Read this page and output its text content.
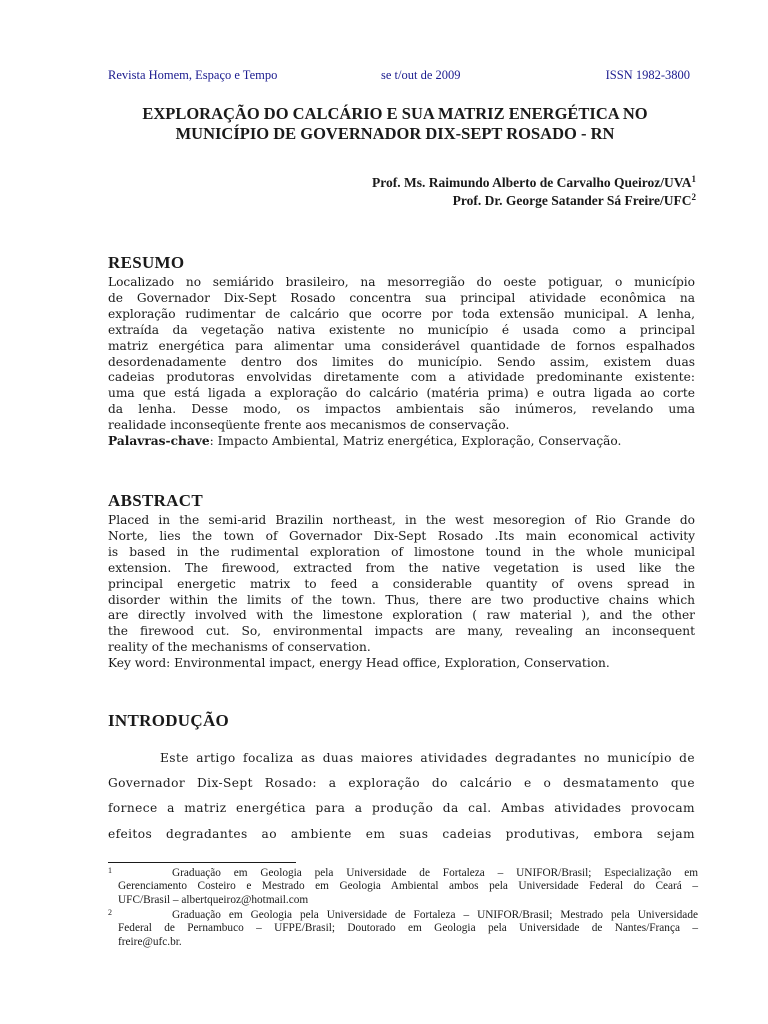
Revista Homem, Espaço e Tempo	se t/out de 2009	ISSN 1982-3800
EXPLORAÇÃO DO CALCÁRIO E SUA MATRIZ ENERGÉTICA NO
MUNICÍPIO DE GOVERNADOR DIX-SEPT ROSADO - RN
Prof. Ms. Raimundo Alberto de Carvalho Queiroz/UVA$^1$
Prof. Dr. George Satander Sá Freire/UFC$^2$
RESUMO
Localizado no semiárido brasileiro, na mesorregião do oeste potiguar, o município
de Governador Dix-Sept Rosado concentra sua principal atividade econômica na
exploração rudimentar de calcário que ocorre por toda extensão municipal. A lenha,
extraída da vegetação nativa existente no município é usada como a principal
matriz energética para alimentar uma considerável quantidade de fornos espalhados
desordenadamente dentro dos limites do município. Sendo assim, existem duas
cadeias produtoras envolvidas diretamente com a atividade predominante existente:
uma que está ligada a exploração do calcário (matéria prima) e outra ligada ao corte
da lenha. Desse modo, os impactos ambientais são inúmeros, revelando uma
realidade inconseqüente frente aos mecanismos de conservação.
Palavras-chave: Impacto Ambiental, Matriz energética, Exploração, Conservação.
ABSTRACT
Placed in the semi-arid Brazilin northeast, in the west mesoregion of Rio Grande do
Norte, lies the town of Governador Dix-Sept Rosado .Its main economical activity
is based in the rudimental exploration of limostone tound in the whole municipal
extension. The firewood, extracted from the native vegetation is used like the
principal energetic matrix to feed a considerable quantity of ovens spread in
disorder within the limits of the town. Thus, there are two productive chains which
are directly involved with the limestone exploration ( raw material ), and the other
the firewood cut. So, environmental impacts are many, revealing an inconsequent
reality of the mechanisms of conservation.
Key word: Environmental impact, energy Head office, Exploration, Conservation.
INTRODUÇÃO
Este artigo focaliza as duas maiores atividades degradantes no município de
Governador Dix-Sept Rosado: a exploração do calcário e o desmatamento que
fornece a matriz energética para a produção da cal. Ambas atividades provocam
efeitos degradantes ao ambiente em suas cadeias produtivas, embora sejam
1	Graduação em Geologia pela Universidade de Fortaleza – UNIFOR/Brasil; Especialização em
Gerenciamento Costeiro e Mestrado em Geologia Ambiental ambos pela Universidade Federal do Ceará –
UFC/Brasil – albertqueiroz@hotmail.com
2	Graduação em Geologia pela Universidade de Fortaleza – UNIFOR/Brasil; Mestrado pela Universidade
Federal de Pernambuco – UFPE/Brasil; Doutorado em Geologia pela Universidade de Nantes/França –
freire@ufc.br.
